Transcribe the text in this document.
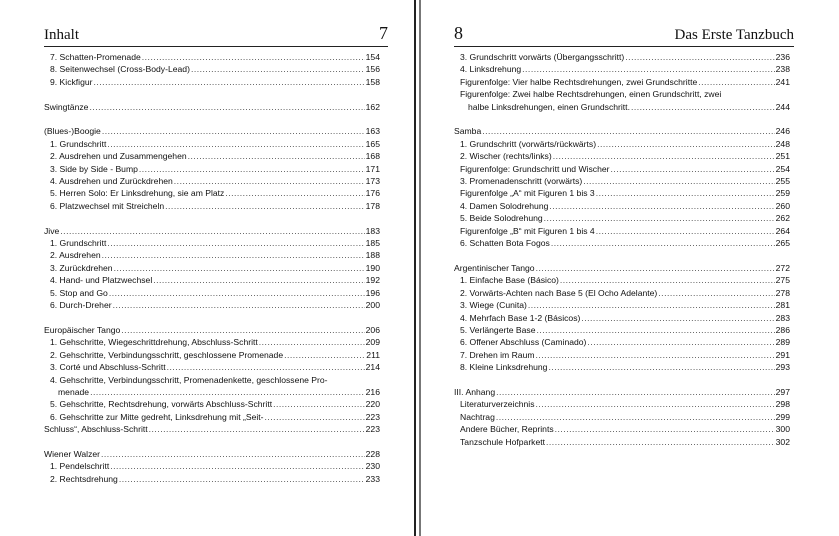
Inhalt	7
7. Schatten-Promenade .....	154
8. Seitenwechsel (Cross-Body-Lead) .....	156
9. Kickfigur .....	158
Swingtänze .....	162
(Blues-)Boogie .....	163
1. Grundschritt .....	165
2. Ausdrehen und Zusammengehen .....	168
3. Side by Side - Bump .....	171
4. Ausdrehen und Zurückdrehen .....	173
5. Herren Solo: Er Linksdrehung, sie am Platz .....	176
6. Platzwechsel mit Streicheln .....	178
Jive .....	183
1. Grundschritt .....	185
2. Ausdrehen .....	188
3. Zurückdrehen .....	190
4. Hand- und Platzwechsel .....	192
5. Stop and Go .....	196
6. Durch-Dreher .....	200
Europäischer Tango .....	206
1. Gehschritte, Wiegeschrittdrehung, Abschluss-Schritt .....	209
2. Gehschritte, Verbindungsschritt, geschlossene Promenade .....	211
3. Corté und Abschluss-Schritt .....	214
4. Gehschritte, Verbindungsschritt, Promenadenkette, geschlossene Pro-
menade .....	216
5. Gehschritte, Rechtsdrehung, vorwärts Abschluss-Schritt .....	220
6. Gehschritte zur Mitte gedreht, Linksdrehung mit „Seit- .....	223
Schluss“, Abschluss-Schritt .....	223
Wiener Walzer .....	228
1. Pendelschritt .....	230
2. Rechtsdrehung .....	233
8	Das Erste Tanzbuch
3. Grundschritt vorwärts (Übergangsschritt) .....	236
4. Linksdrehung .....	238
Figurenfolge: Vier halbe Rechtsdrehungen, zwei Grundschritte .....	241
Figurenfolge: Zwei halbe Rechtsdrehungen, einen Grundschritt, zwei
halbe Linksdrehungen, einen Grundschritt. .....	244
Samba .....	246
1. Grundschritt (vorwärts/rückwärts) .....	248
2. Wischer (rechts/links) .....	251
Figurenfolge: Grundschritt und Wischer .....	254
3. Promenadenschritt (vorwärts) .....	255
Figurenfolge „A“ mit Figuren 1 bis 3 .....	259
4. Damen Solodrehung .....	260
5. Beide Solodrehung .....	262
Figurenfolge „B“ mit Figuren 1 bis 4 .....	264
6. Schatten Bota Fogos .....	265
Argentinischer Tango .....	272
1. Einfache Base (Básico) .....	275
2. Vorwärts-Achten nach Base 5 (El Ocho Adelante) .....	278
3. Wiege (Cunita) .....	281
4. Mehrfach Base 1-2 (Básicos) .....	283
5. Verlängerte Base .....	286
6. Offener Abschluss (Caminado) .....	289
7. Drehen im Raum .....	291
8. Kleine Linksdrehung .....	293
III. Anhang .....	297
Literaturverzeichnis .....	298
Nachtrag .....	299
Andere Bücher, Reprints .....	300
Tanzschule Hofparkett .....	302
